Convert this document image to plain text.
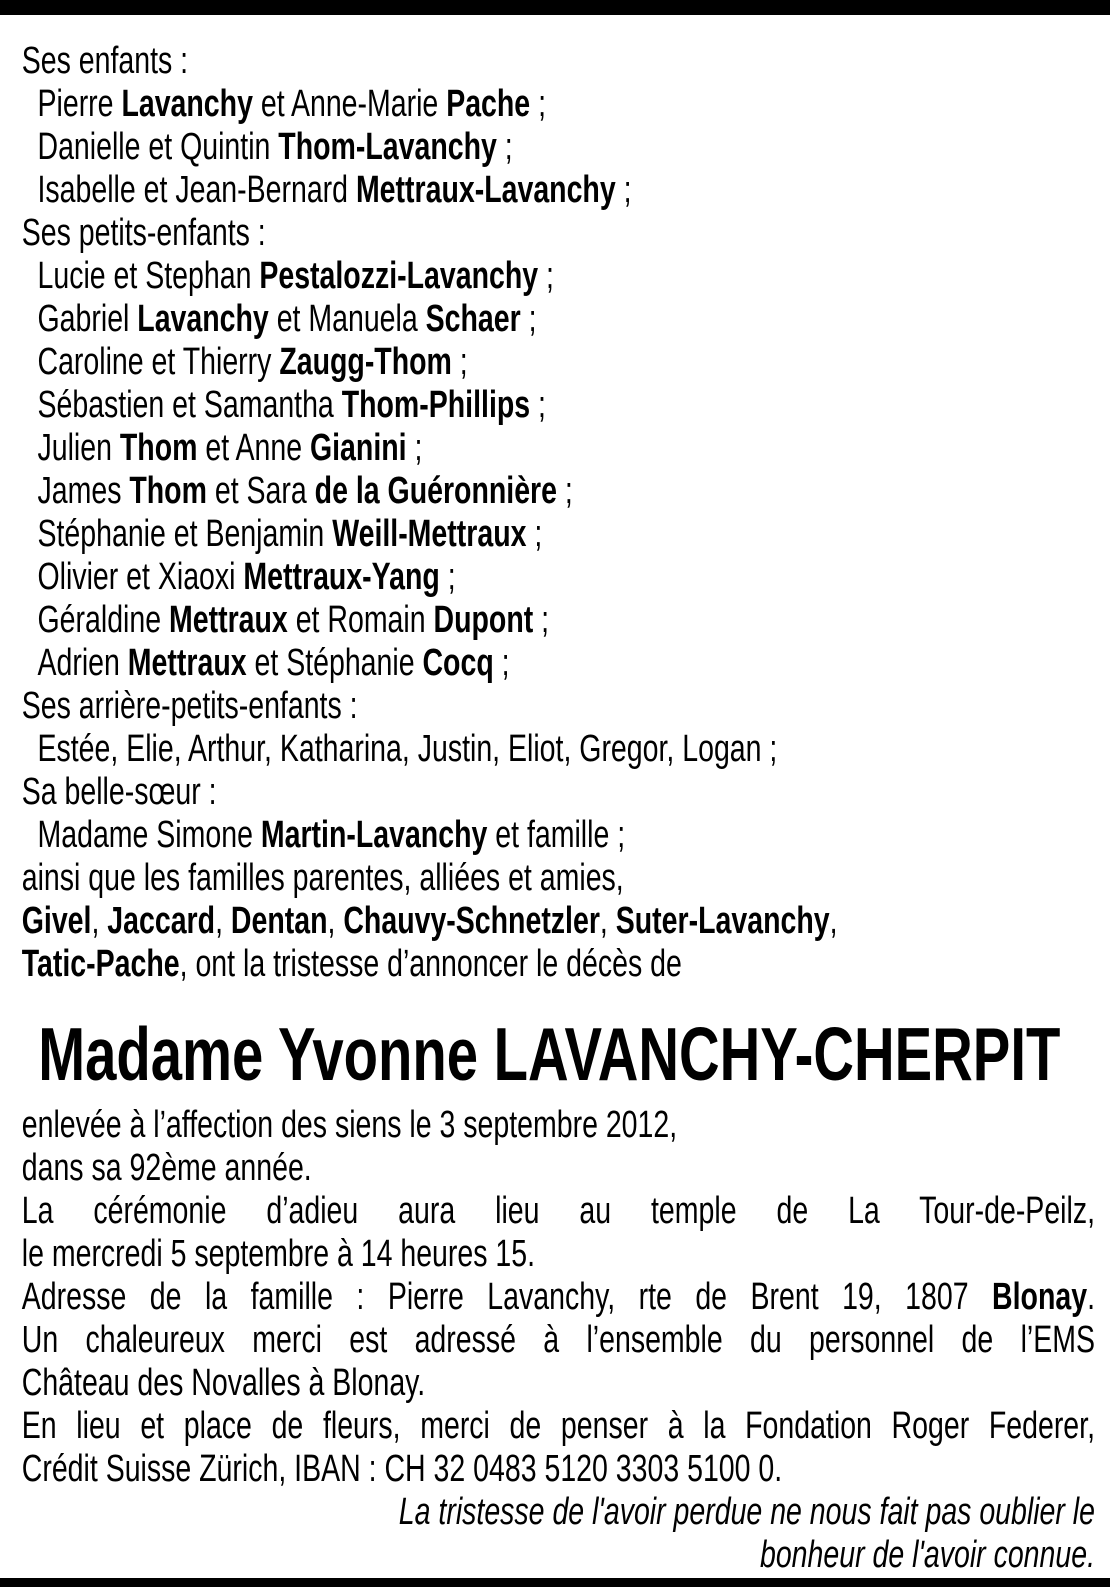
Ses enfants :
Pierre Lavanchy et Anne-Marie Pache ;
Danielle et Quintin Thom-Lavanchy ;
Isabelle et Jean-Bernard Mettraux-Lavanchy ;
Ses petits-enfants :
Lucie et Stephan Pestalozzi-Lavanchy ;
Gabriel Lavanchy et Manuela Schaer ;
Caroline et Thierry Zaugg-Thom ;
Sébastien et Samantha Thom-Phillips ;
Julien Thom et Anne Gianini ;
James Thom et Sara de la Guéronnière ;
Stéphanie et Benjamin Weill-Mettraux ;
Olivier et Xiaoxi Mettraux-Yang ;
Géraldine Mettraux et Romain Dupont ;
Adrien Mettraux et Stéphanie Cocq ;
Ses arrière-petits-enfants :
Estée, Elie, Arthur, Katharina, Justin, Eliot, Gregor, Logan ;
Sa belle-sœur :
Madame Simone Martin-Lavanchy et famille ;
ainsi que les familles parentes, alliées et amies,
Givel, Jaccard, Dentan, Chauvy-Schnetzler, Suter-Lavanchy,
Tatic-Pache, ont la tristesse d’annoncer le décès de
Madame Yvonne LAVANCHY-CHERPIT
enlevée à l’affection des siens le 3 septembre 2012,
dans sa 92ème année.
La cérémonie d’adieu aura lieu au temple de La Tour-de-Peilz,
le mercredi 5 septembre à 14 heures 15.
Adresse de la famille : Pierre Lavanchy, rte de Brent 19, 1807 Blonay.
Un chaleureux merci est adressé à l’ensemble du personnel de l’EMS
Château des Novalles à Blonay.
En lieu et place de fleurs, merci de penser à la Fondation Roger Federer,
Crédit Suisse Zürich, IBAN : CH 32 0483 5120 3303 5100 0.
La tristesse de l'avoir perdue ne nous fait pas oublier le
bonheur de l'avoir connue.
